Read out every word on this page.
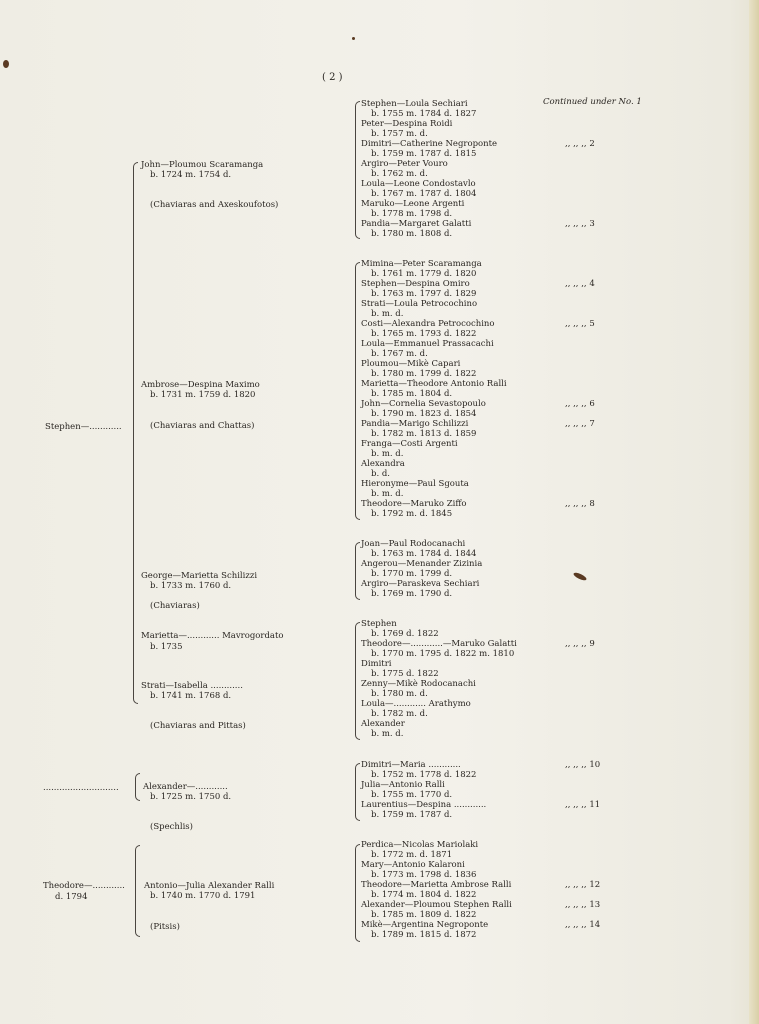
( 2 )
Continued under No. 1
Stephen—............
............................
Theodore—............
d. 1794
John—Ploumou Scaramanga
b. 1724 m. 1754 d.
(Chaviaras and Axeskoufotos)
Ambrose—Despina Maximo
b. 1731 m. 1759 d. 1820
(Chaviaras and Chattas)
George—Marietta Schilizzi
b. 1733 m. 1760 d.
(Chaviaras)
Marietta—............ Mavrogordato
b. 1735
Strati—Isabella ............
b. 1741 m. 1768 d.
(Chaviaras and Pittas)
Alexander—............
b. 1725 m. 1750 d.
(Spechlis)
Antonio—Julia Alexander Ralli
b. 1740 m. 1770 d. 1791
(Pitsis)
Stephen—Loula Sechiari
b. 1755 m. 1784 d. 1827
Peter—Despina Roidi
b. 1757 m. d.
Dimitri—Catherine Negroponte
b. 1759 m. 1787 d. 1815
Argiro—Peter Vouro
b. 1762 m. d.
Loula—Leone Condostavlo
b. 1767 m. 1787 d. 1804
Maruko—Leone Argenti
b. 1778 m. 1798 d.
Pandia—Margaret Galatti
b. 1780 m. 1808 d.
Mimina—Peter Scaramanga
b. 1761 m. 1779 d. 1820
Stephen—Despina Omiro
b. 1763 m. 1797 d. 1829
Strati—Loula Petrocochino
b. m. d.
Costi—Alexandra Petrocochino
b. 1765 m. 1793 d. 1822
Loula—Emmanuel Prassacachi
b. 1767 m. d.
Ploumou—Mikè Capari
b. 1780 m. 1799 d. 1822
Marietta—Theodore Antonio Ralli
b. 1785 m. 1804 d.
John—Cornelia Sevastopoulo
b. 1790 m. 1823 d. 1854
Pandia—Marigo Schilizzi
b. 1782 m. 1813 d. 1859
Franga—Costi Argenti
b. m. d.
Alexandra
b. d.
Hieronyme—Paul Sgouta
b. m. d.
Theodore—Maruko Ziffo
b. 1792 m. d. 1845
Joan—Paul Rodocanachi
b. 1763 m. 1784 d. 1844
Angerou—Menander Zizinia
b. 1770 m. 1799 d.
Argiro—Paraskeva Sechiari
b. 1769 m. 1790 d.
Stephen
b. 1769 d. 1822
Theodore—............—Maruko Galatti
b. 1770 m. 1795 d. 1822 m. 1810
Dimitri
b. 1775 d. 1822
Zenny—Mikè Rodocanachi
b. 1780 m. d.
Loula—............ Arathymo
b. 1782 m. d.
Alexander
b. m. d.
Dimitri—Maria ............
b. 1752 m. 1778 d. 1822
Julia—Antonio Ralli
b. 1755 m. 1770 d.
Laurentius—Despina ............
b. 1759 m. 1787 d.
Perdica—Nicolas Mariolaki
b. 1772 m. d. 1871
Mary—Antonio Kalaroni
b. 1773 m. 1798 d. 1836
Theodore—Marietta Ambrose Ralli
b. 1774 m. 1804 d. 1822
Alexander—Ploumou Stephen Ralli
b. 1785 m. 1809 d. 1822
Mikè—Argentina Negroponte
b. 1789 m. 1815 d. 1872
,, ,, ,, 2
,, ,, ,, 3
,, ,, ,, 4
,, ,, ,, 5
,, ,, ,, 6
,, ,, ,, 7
,, ,, ,, 8
,, ,, ,, 9
,, ,, ,, 10
,, ,, ,, 11
,, ,, ,, 12
,, ,, ,, 13
,, ,, ,, 14
